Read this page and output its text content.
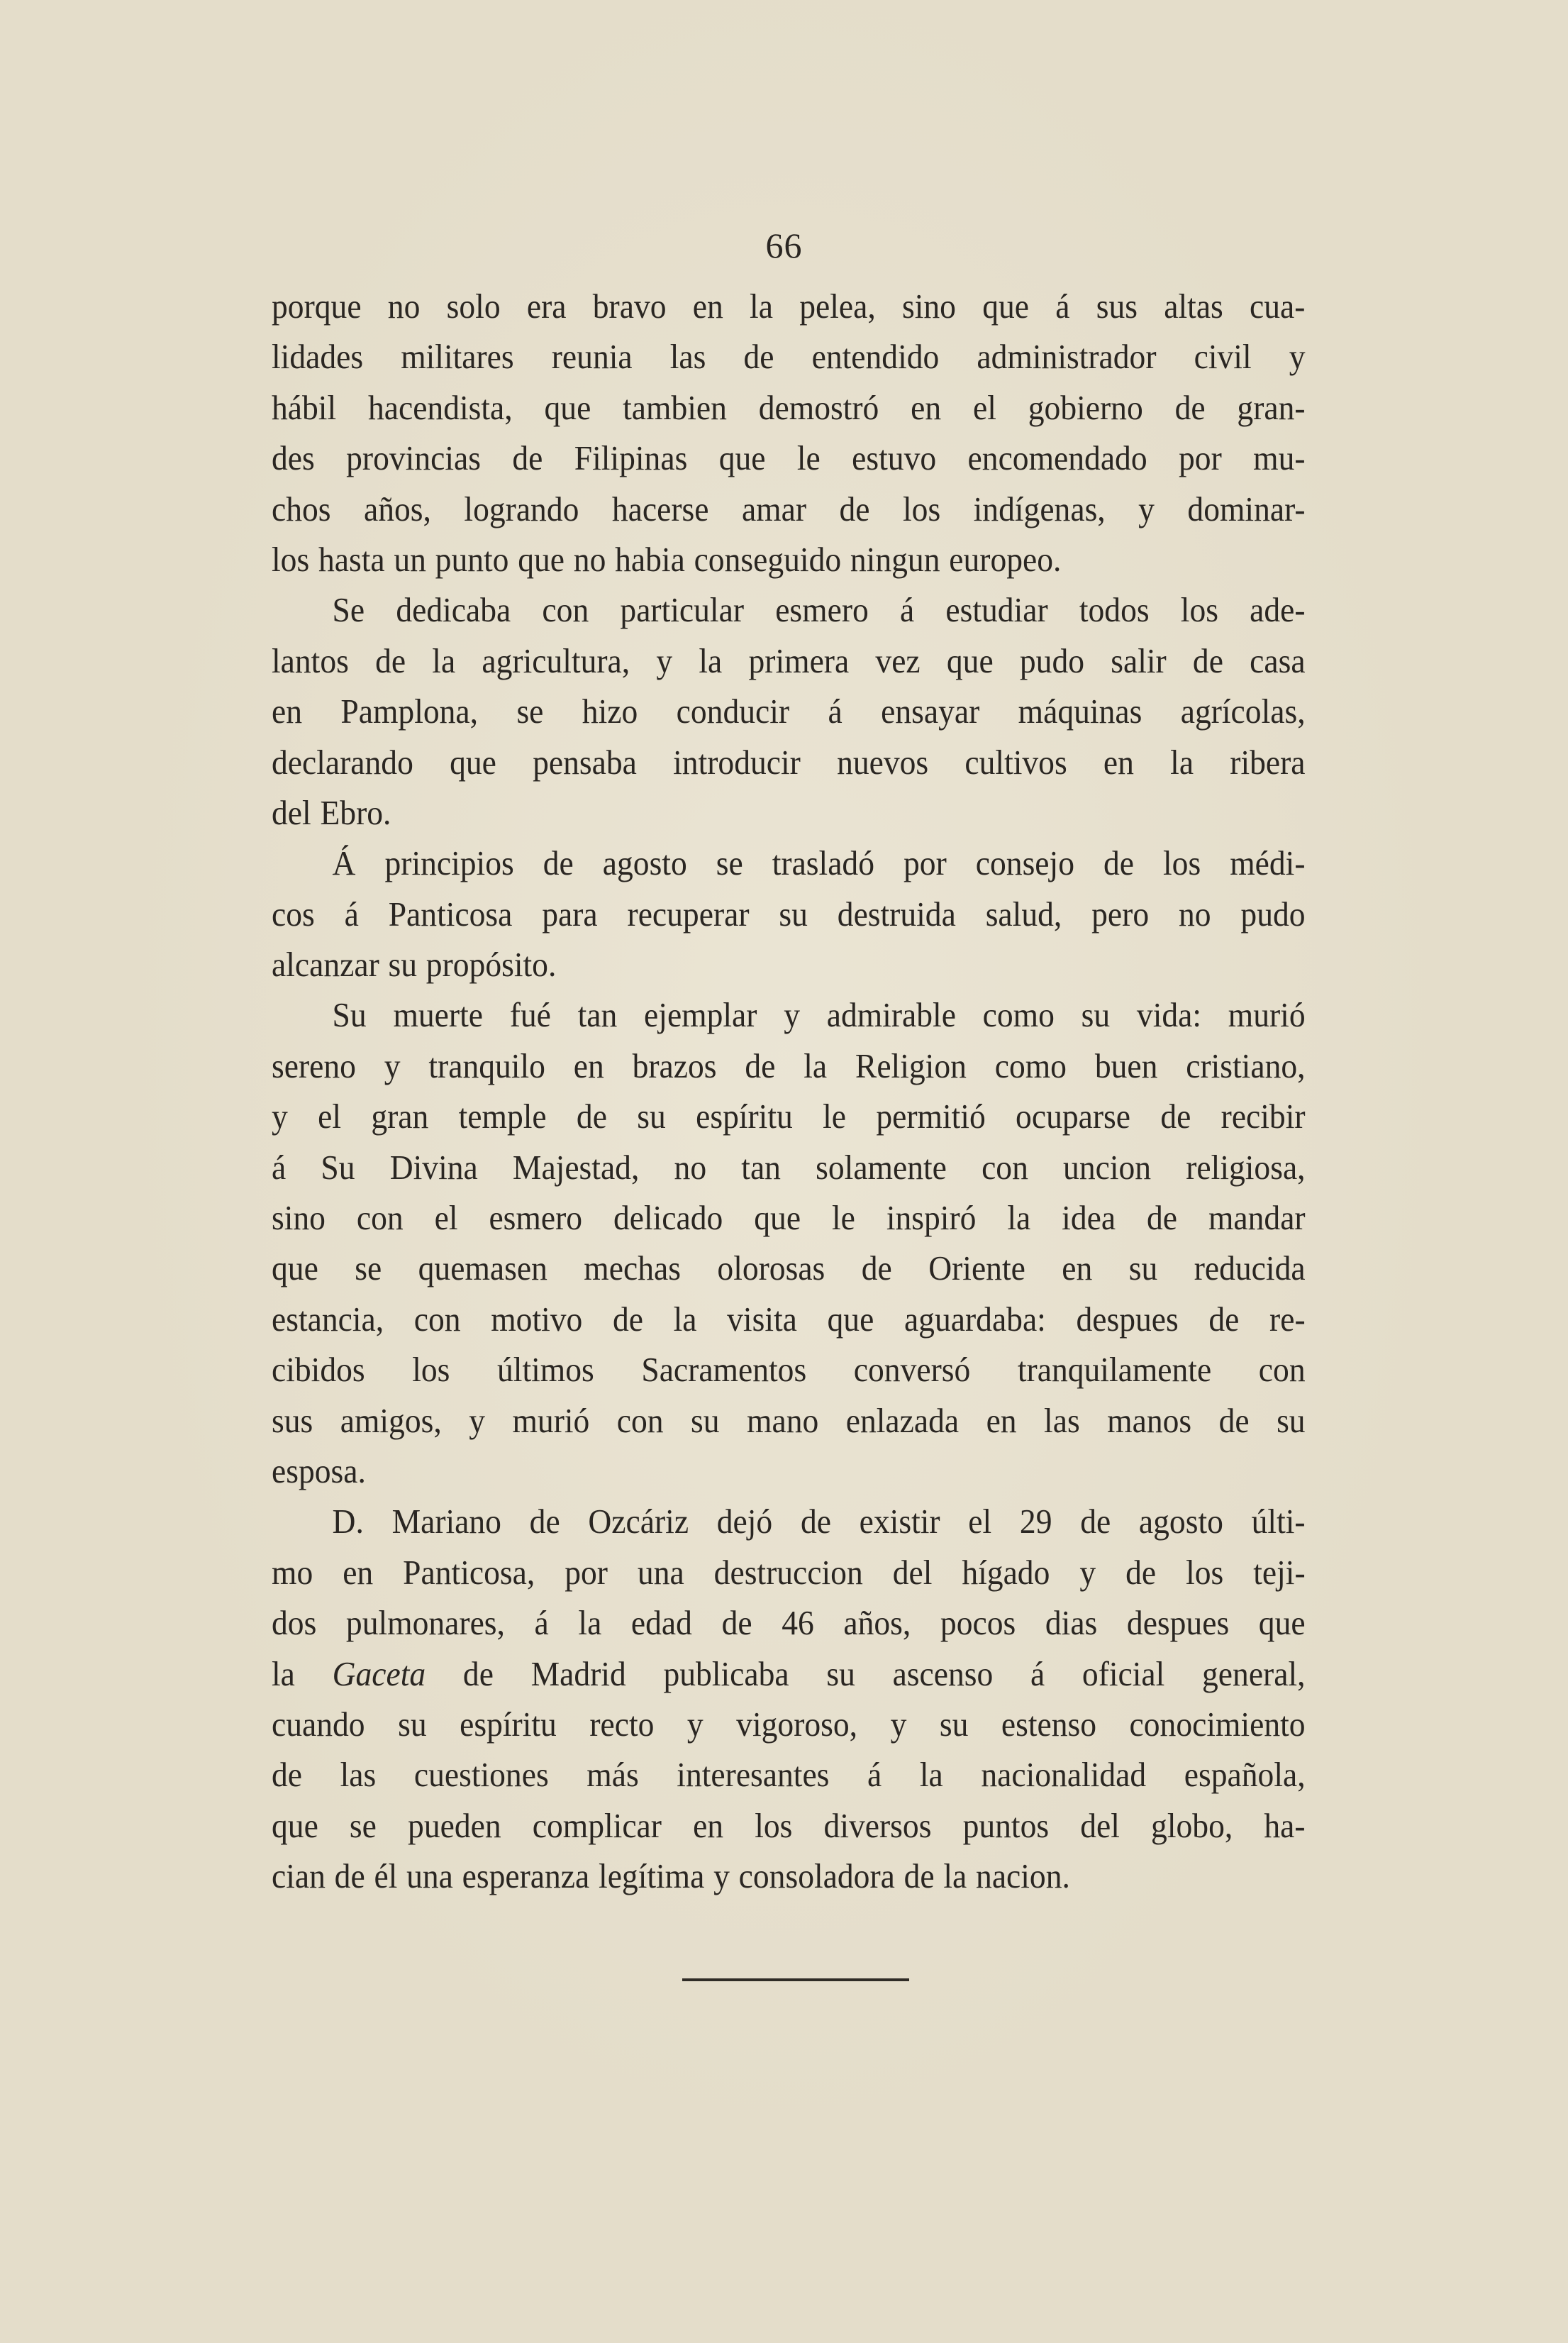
66
porque no solo era bravo en la pelea, sino que á sus altas cua-
lidades militares reunia las de entendido administrador civil y
hábil hacendista, que tambien demostró en el gobierno de gran-
des provincias de Filipinas que le estuvo encomendado por mu-
chos años, logrando hacerse amar de los indígenas, y dominar-
los hasta un punto que no habia conseguido ningun europeo.
Se dedicaba con particular esmero á estudiar todos los ade-
lantos de la agricultura, y la primera vez que pudo salir de casa
en Pamplona, se hizo conducir á ensayar máquinas agrícolas,
declarando que pensaba introducir nuevos cultivos en la ribera
del Ebro.
Á principios de agosto se trasladó por consejo de los médi-
cos á Panticosa para recuperar su destruida salud, pero no pudo
alcanzar su propósito.
Su muerte fué tan ejemplar y admirable como su vida: murió
sereno y tranquilo en brazos de la Religion como buen cristiano,
y el gran temple de su espíritu le permitió ocuparse de recibir
á Su Divina Majestad, no tan solamente con uncion religiosa,
sino con el esmero delicado que le inspiró la idea de mandar
que se quemasen mechas olorosas de Oriente en su reducida
estancia, con motivo de la visita que aguardaba: despues de re-
cibidos los últimos Sacramentos conversó tranquilamente con
sus amigos, y murió con su mano enlazada en las manos de su
esposa.
D. Mariano de Ozcáriz dejó de existir el 29 de agosto últi-
mo en Panticosa, por una destruccion del hígado y de los teji-
dos pulmonares, á la edad de 46 años, pocos dias despues que
la Gaceta de Madrid publicaba su ascenso á oficial general,
cuando su espíritu recto y vigoroso, y su estenso conocimiento
de las cuestiones más interesantes á la nacionalidad española,
que se pueden complicar en los diversos puntos del globo, ha-
cian de él una esperanza legítima y consoladora de la nacion.
